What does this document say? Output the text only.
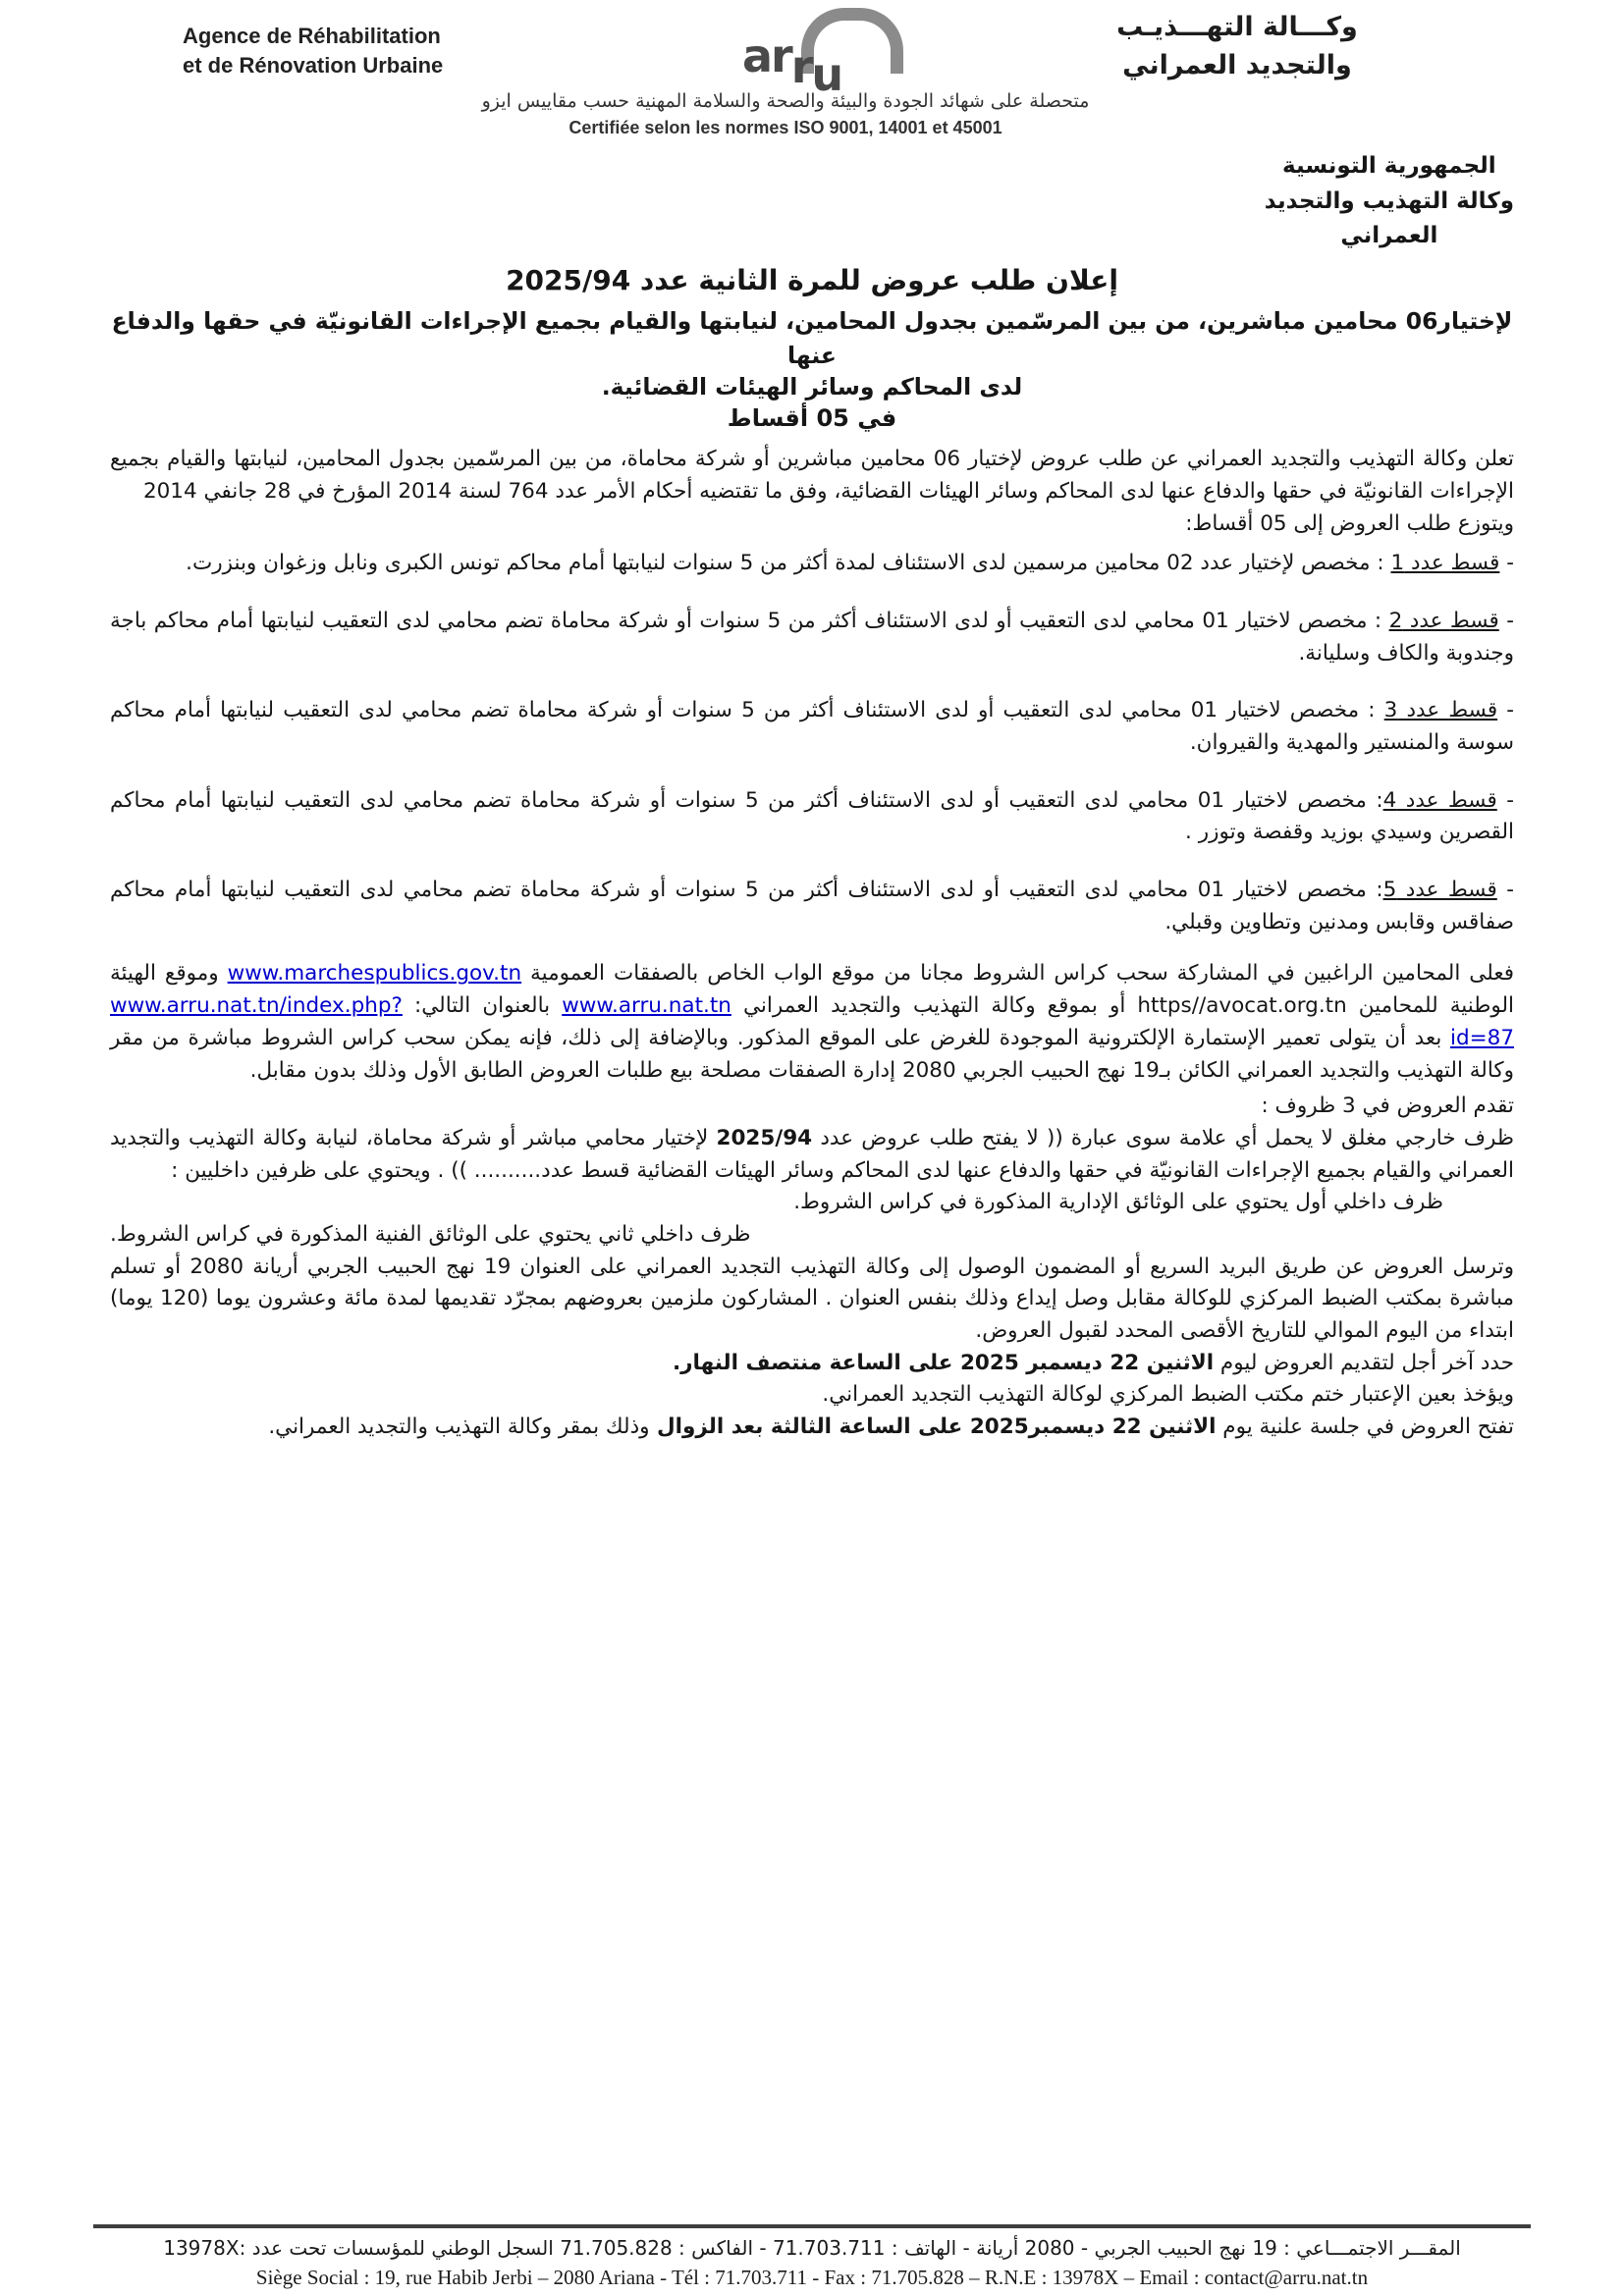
Agence de Réhabilitation
et de Rénovation Urbaine	arru
وكـــالة التهـــذيـب
والتجديد العمراني
متحصلة على شهائد الجودة والبيئة والصحة والسلامة المهنية حسب مقاييس ايزو
Certifiée selon les normes ISO 9001, 14001 et 45001
الجمهورية التونسية
وكالة التهذيب والتجديد
العمراني

إعلان طلب عروض للمرة الثانية عدد 2025/94

لإختيار06 محامين مباشرين، من بين المرسّمين بجدول المحامين، لنيابتها والقيام بجميع الإجراءات القانونيّة في حقها والدفاع عنها

لدى المحاكم وسائر الهيئات القضائية.

في 05 أقساط

تعلن وكالة التهذيب والتجديد العمراني عن طلب عروض لإختيار 06 محامين مباشرين أو شركة محاماة، من بين المرسّمين بجدول المحامين، لنيابتها والقيام بجميع الإجراءات القانونيّة في حقها والدفاع عنها لدى المحاكم وسائر الهيئات القضائية، وفق ما تقتضيه أحكام الأمر عدد 764 لسنة 2014 المؤرخ في 28 جانفي 2014

ويتوزع طلب العروض إلى 05 أقساط:

- قسط عدد 1 : مخصص لإختيار عدد 02 محامين مرسمين لدى الاستئناف لمدة أكثر من 5 سنوات لنيابتها أمام محاكم تونس الكبرى ونابل وزغوان وبنزرت.

- قسط عدد 2 : مخصص لاختيار 01 محامي لدى التعقيب أو لدى الاستئناف أكثر من 5 سنوات أو شركة محاماة تضم محامي لدى التعقيب لنيابتها أمام محاكم باجة وجندوبة والكاف وسليانة.

- قسط عدد 3 : مخصص لاختيار 01 محامي لدى التعقيب أو لدى الاستئناف أكثر من 5 سنوات أو شركة محاماة تضم محامي لدى التعقيب لنيابتها أمام محاكم سوسة والمنستير والمهدية والقيروان.

- قسط عدد 4: مخصص لاختيار 01 محامي لدى التعقيب أو لدى الاستئناف أكثر من 5 سنوات أو شركة محاماة تضم محامي لدى التعقيب لنيابتها أمام محاكم القصرين وسيدي بوزيد وقفصة وتوزر .

- قسط عدد 5: مخصص لاختيار 01 محامي لدى التعقيب أو لدى الاستئناف أكثر من 5 سنوات أو شركة محاماة تضم محامي لدى التعقيب لنيابتها أمام محاكم صفاقس وقابس ومدنين وتطاوين وقبلي.

فعلى المحامين الراغبين في المشاركة سحب كراس الشروط مجانا من موقع الواب الخاص بالصفقات العمومية www.marchespublics.gov.tn وموقع الهيئة الوطنية للمحامين https//avocat.org.tn أو بموقع وكالة التهذيب والتجديد العمراني www.arru.nat.tn بالعنوان التالي: www.arru.nat.tn/index.php?id=87 بعد أن يتولى تعمير الإستمارة الإلكترونية الموجودة للغرض على الموقع المذكور. وبالإضافة إلى ذلك، فإنه يمكن سحب كراس الشروط مباشرة من مقر وكالة التهذيب والتجديد العمراني الكائن بـ19 نهج الحبيب الجربي 2080 إدارة الصفقات مصلحة بيع طلبات العروض الطابق الأول وذلك بدون مقابل.

تقدم العروض في 3 ظروف :

ظرف خارجي مغلق لا يحمل أي علامة سوى عبارة (( لا يفتح طلب عروض عدد 2025/94 لإختيار محامي مباشر أو شركة محاماة، لنيابة وكالة التهذيب والتجديد العمراني والقيام بجميع الإجراءات القانونيّة في حقها والدفاع عنها لدى المحاكم وسائر الهيئات القضائية قسط عدد.......... )) . ويحتوي على ظرفين داخليين :

ظرف داخلي أول يحتوي على الوثائق الإدارية المذكورة في كراس الشروط.

ظرف داخلي ثاني يحتوي على الوثائق الفنية المذكورة في كراس الشروط.

وترسل العروض عن طريق البريد السريع أو المضمون الوصول إلى وكالة التهذيب التجديد العمراني على العنوان 19 نهج الحبيب الجربي أريانة 2080 أو تسلم مباشرة بمكتب الضبط المركزي للوكالة مقابل وصل إيداع وذلك بنفس العنوان . المشاركون ملزمين بعروضهم بمجرّد تقديمها لمدة مائة وعشرون يوما (120 يوما) ابتداء من اليوم الموالي للتاريخ الأقصى المحدد لقبول العروض.

حدد آخر أجل لتقديم العروض ليوم الاثنين 22 ديسمبر 2025 على الساعة منتصف النهار.

ويؤخذ بعين الإعتبار ختم مكتب الضبط المركزي لوكالة التهذيب التجديد العمراني.

تفتح العروض في جلسة علنية يوم الاثنين 22 ديسمبر2025 على الساعة الثالثة بعد الزوال وذلك بمقر وكالة التهذيب والتجديد العمراني.

المقـــر الاجتمـــاعي : 19 نهج الحبيب الجربي - 2080 أريانة - الهاتف : 71.703.711 - الفاكس : 71.705.828 السجل الوطني للمؤسسات تحت عدد :13978X
Siège Social : 19, rue Habib Jerbi – 2080 Ariana - Tél : 71.703.711 - Fax : 71.705.828 – R.N.E : 13978X – Email : contact@arru.nat.tn
